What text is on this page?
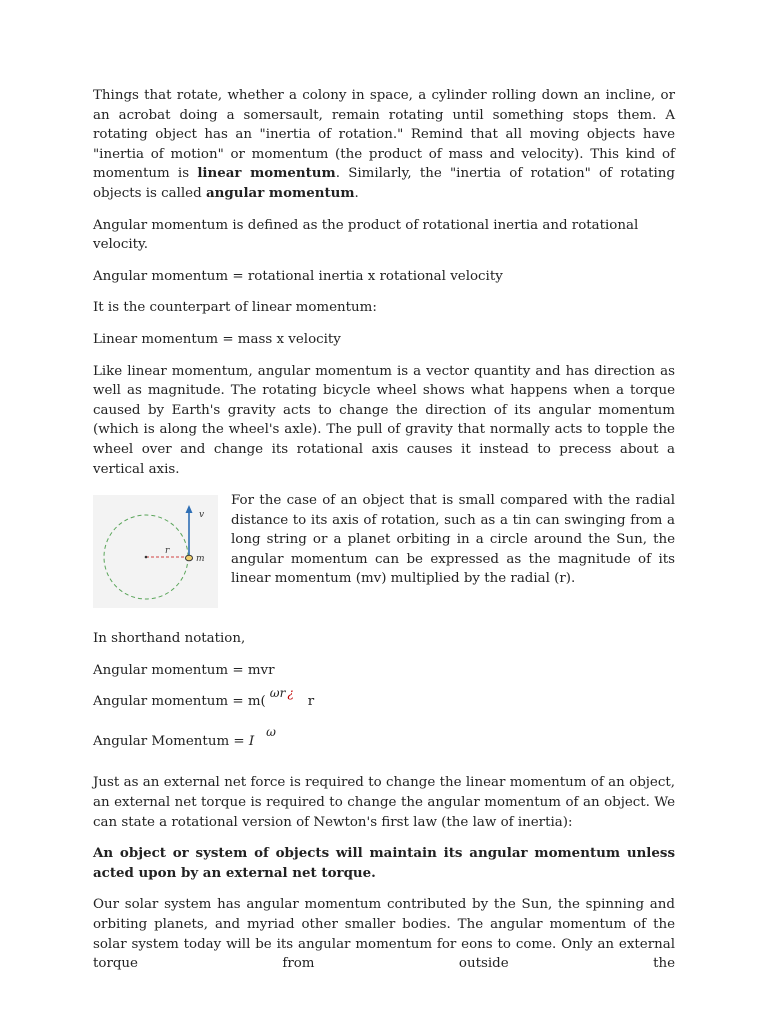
Things that rotate, whether a colony in space, a cylinder rolling down an incline, or an acrobat doing a somersault, remain rotating until something stops them. A rotating object has an "inertia of rotation." Remind that all moving objects have "inertia of motion" or momentum (the product of mass and velocity). This kind of momentum is linear momentum. Similarly, the "inertia of rotation" of rotating objects is called angular momentum.

Angular momentum is defined as the product of rotational inertia and rotational velocity.

Angular momentum = rotational inertia x rotational velocity

It is the counterpart of linear momentum:

Linear momentum = mass x velocity

Like linear momentum, angular momentum is a vector quantity and has direction as well as magnitude. The rotating bicycle wheel shows what happens when a torque caused by Earth's gravity acts to change the direction of its angular momentum (which is along the wheel's axle). The pull of gravity that normally acts to topple the wheel over and change its rotational axis causes it instead to precess about a vertical axis.

v
r
m

For the case of an object that is small compared with the radial distance to its axis of rotation, such as a tin can swinging from a long string or a planet orbiting in a circle around the Sun, the angular momentum can be expressed as the magnitude of its linear momentum (mv) multiplied by the radial (r).

In shorthand notation,

Angular momentum = mvr

Angular momentum = m(ωr ¿r

Angular Momentum = Iω

Just as an external net force is required to change the linear momentum of an object, an external net torque is required to change the angular momentum of an object. We can state a rotational version of Newton's first law (the law of inertia):

An object or system of objects will maintain its angular momentum unless acted upon by an external net torque.

Our solar system has angular momentum contributed by the Sun, the spinning and orbiting planets, and myriad other smaller bodies. The angular momentum of the solar system today will be its angular momentum for eons to come. Only an external torque from outside the
